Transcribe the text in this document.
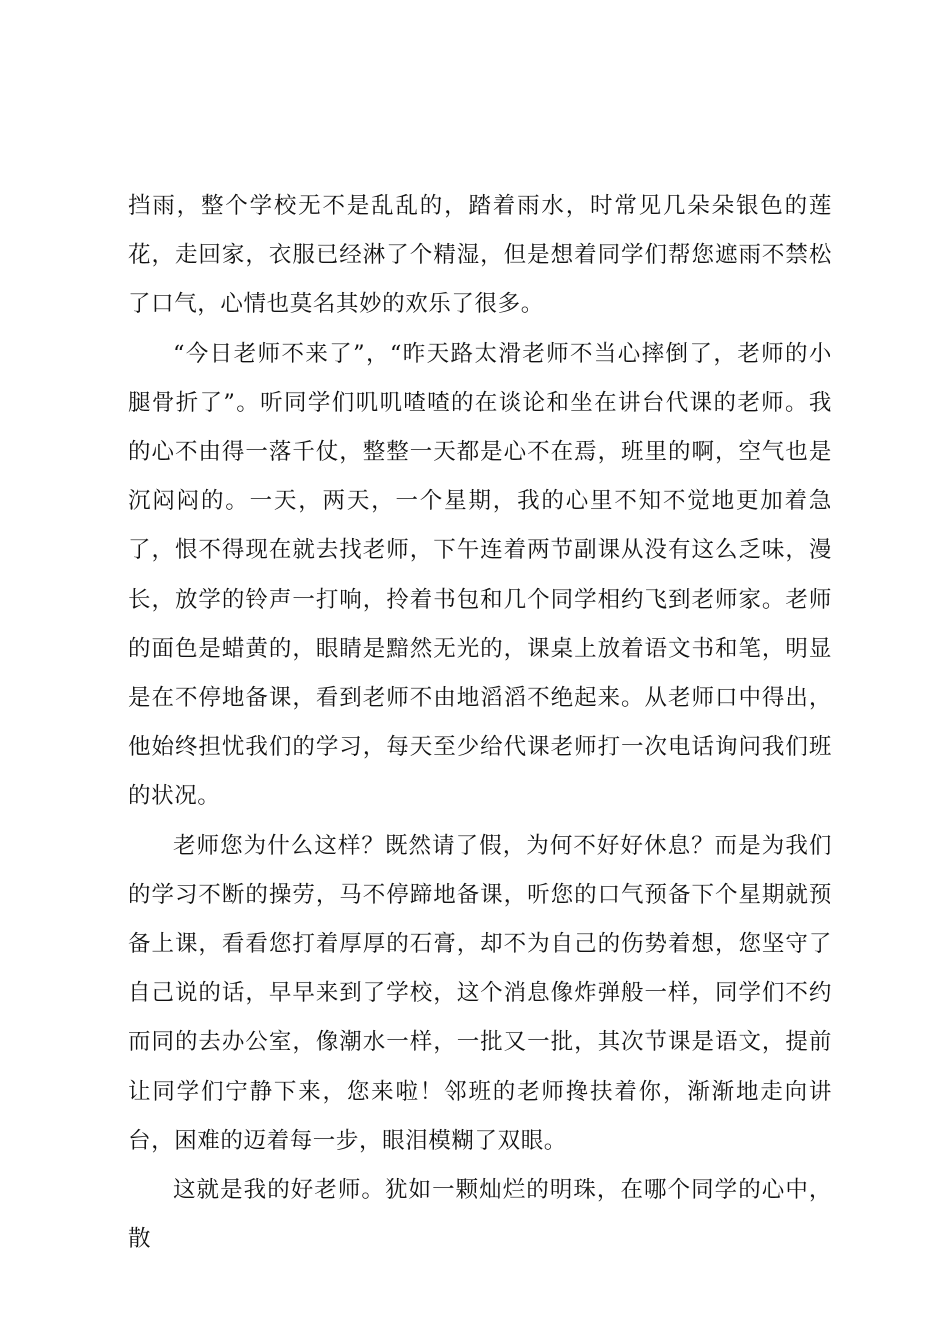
挡雨，整个学校无不是乱乱的，踏着雨水，时常见几朵朵银色的莲花，走回家，衣服已经淋了个精湿，但是想着同学们帮您遮雨不禁松了口气，心情也莫名其妙的欢乐了很多。

“今日老师不来了”，“昨天路太滑老师不当心摔倒了，老师的小腿骨折了”。听同学们叽叽喳喳的在谈论和坐在讲台代课的老师。我的心不由得一落千仗，整整一天都是心不在焉，班里的啊，空气也是沉闷闷的。一天，两天，一个星期，我的心里不知不觉地更加着急了，恨不得现在就去找老师，下午连着两节副课从没有这么乏味，漫长，放学的铃声一打响，拎着书包和几个同学相约飞到老师家。老师的面色是蜡黄的，眼睛是黯然无光的，课桌上放着语文书和笔，明显是在不停地备课，看到老师不由地滔滔不绝起来。从老师口中得出，他始终担忧我们的学习，每天至少给代课老师打一次电话询问我们班的状况。

老师您为什么这样？既然请了假，为何不好好休息？而是为我们的学习不断的操劳，马不停蹄地备课，听您的口气预备下个星期就预备上课，看看您打着厚厚的石膏，却不为自己的伤势着想，您坚守了自己说的话，早早来到了学校，这个消息像炸弹般一样，同学们不约而同的去办公室，像潮水一样，一批又一批，其次节课是语文，提前让同学们宁静下来，您来啦！邻班的老师搀扶着你，渐渐地走向讲台，困难的迈着每一步，眼泪模糊了双眼。

这就是我的好老师。犹如一颗灿烂的明珠，在哪个同学的心中，散
